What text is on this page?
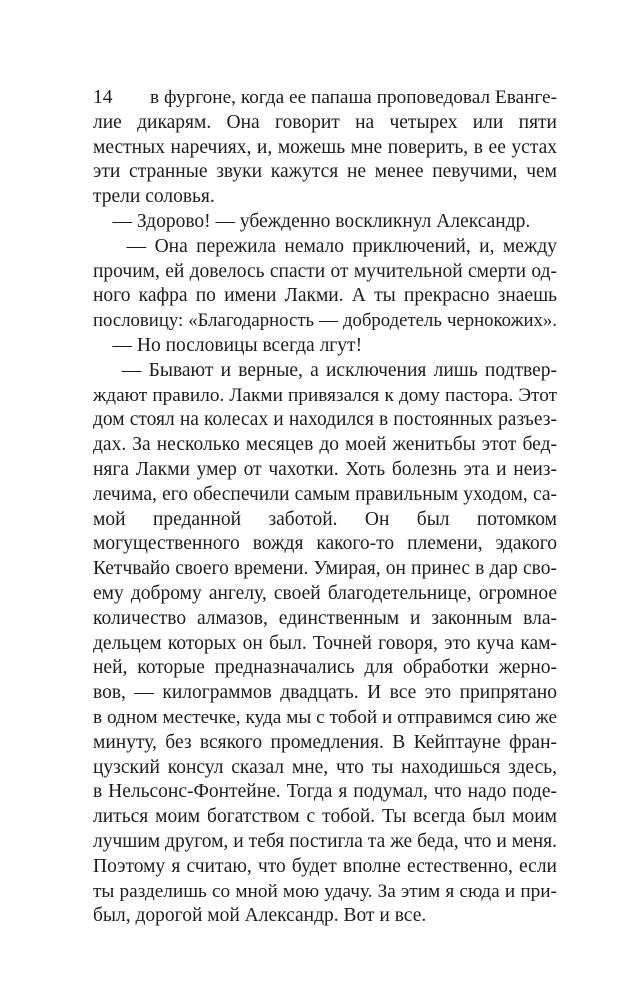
14 в фургоне, когда ее папаша проповедовал Еванге-
лие дикарям. Она говорит на четырех или пяти
местных наречиях, и, можешь мне поверить, в ее устах
эти странные звуки кажутся не менее певучими, чем
трели соловья.
— Здорово! — убежденно воскликнул Александр.
— Она пережила немало приключений, и, между
прочим, ей довелось спасти от мучительной смерти од-
ного кафра по имени Лакми. А ты прекрасно знаешь
пословицу: «Благодарность — добродетель чернокожих».
— Но пословицы всегда лгут!
— Бывают и верные, а исключения лишь подтвер-
ждают правило. Лакми привязался к дому пастора. Этот
дом стоял на колесах и находился в постоянных разъез-
дах. За несколько месяцев до моей женитьбы этот бед-
няга Лакми умер от чахотки. Хоть болезнь эта и неиз-
лечима, его обеспечили самым правильным уходом, са-
мой преданной заботой. Он был потомком
могущественного вождя какого-то племени, эдакого
Кетчвайо своего времени. Умирая, он принес в дар сво-
ему доброму ангелу, своей благодетельнице, огромное
количество алмазов, единственным и законным вла-
дельцем которых он был. Точней говоря, это куча кам-
ней, которые предназначались для обработки жерно-
вов, — килограммов двадцать. И все это припрятано
в одном местечке, куда мы с тобой и отправимся сию же
минуту, без всякого промедления. В Кейптауне фран-
цузский консул сказал мне, что ты находишься здесь,
в Нельсонс-Фонтейне. Тогда я подумал, что надо поде-
литься моим богатством с тобой. Ты всегда был моим
лучшим другом, и тебя постигла та же беда, что и меня.
Поэтому я считаю, что будет вполне естественно, если
ты разделишь со мной мою удачу. За этим я сюда и при-
был, дорогой мой Александр. Вот и все.
